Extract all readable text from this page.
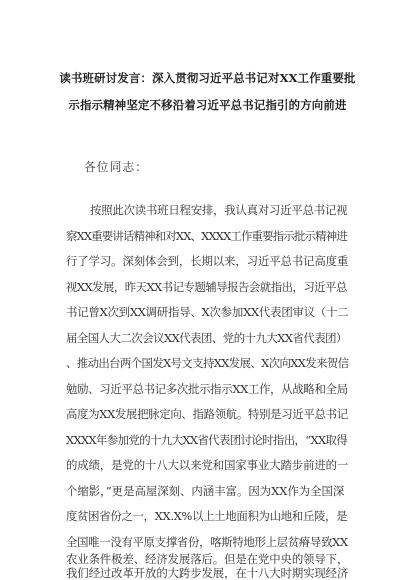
读书班研讨发言：深入贯彻习近平总书记对XX工作重要批
示指示精神坚定不移沿着习近平总书记指引的方向前进
各位同志：
按照此次读书班日程安排，我认真对习近平总书记视
察XX重要讲话精神和对XX、XXXX工作重要指示批示精神进
行了学习。深刻体会到，长期以来，习近平总书记高度重
视XX发展，昨天XX书记专题辅导报告会就指出，习近平总
书记曾X次到XX调研指导、X次参加XX代表团审议（十二
届全国人大二次会议XX代表团、党的十九大XX省代表团）
、推动出台两个国发X号文支持XX发展、X次向XX发来贺信
勉励、习近平总书记多次批示指示XX工作，从战略和全局
高度为XX发展把脉定向、指路领航。特别是习近平总书记
XXXX年参加党的十九大XX省代表团讨论时指出，“XX取得
的成绩，是党的十八大以来党和国家事业大踏步前进的一
个缩影，”更是高屋深刻、内涵丰富。因为XX作为全国深
度贫困省份之一，XX.X%以上土地面积为山地和丘陵，是
全国唯一没有平原支撑省份，喀斯特地形上层贫瘠导致XX
农业条件极差、经济发展落后。但是在党中央的领导下，
我们经过改革开放的大跨步发展，在十八大时期实现经济
